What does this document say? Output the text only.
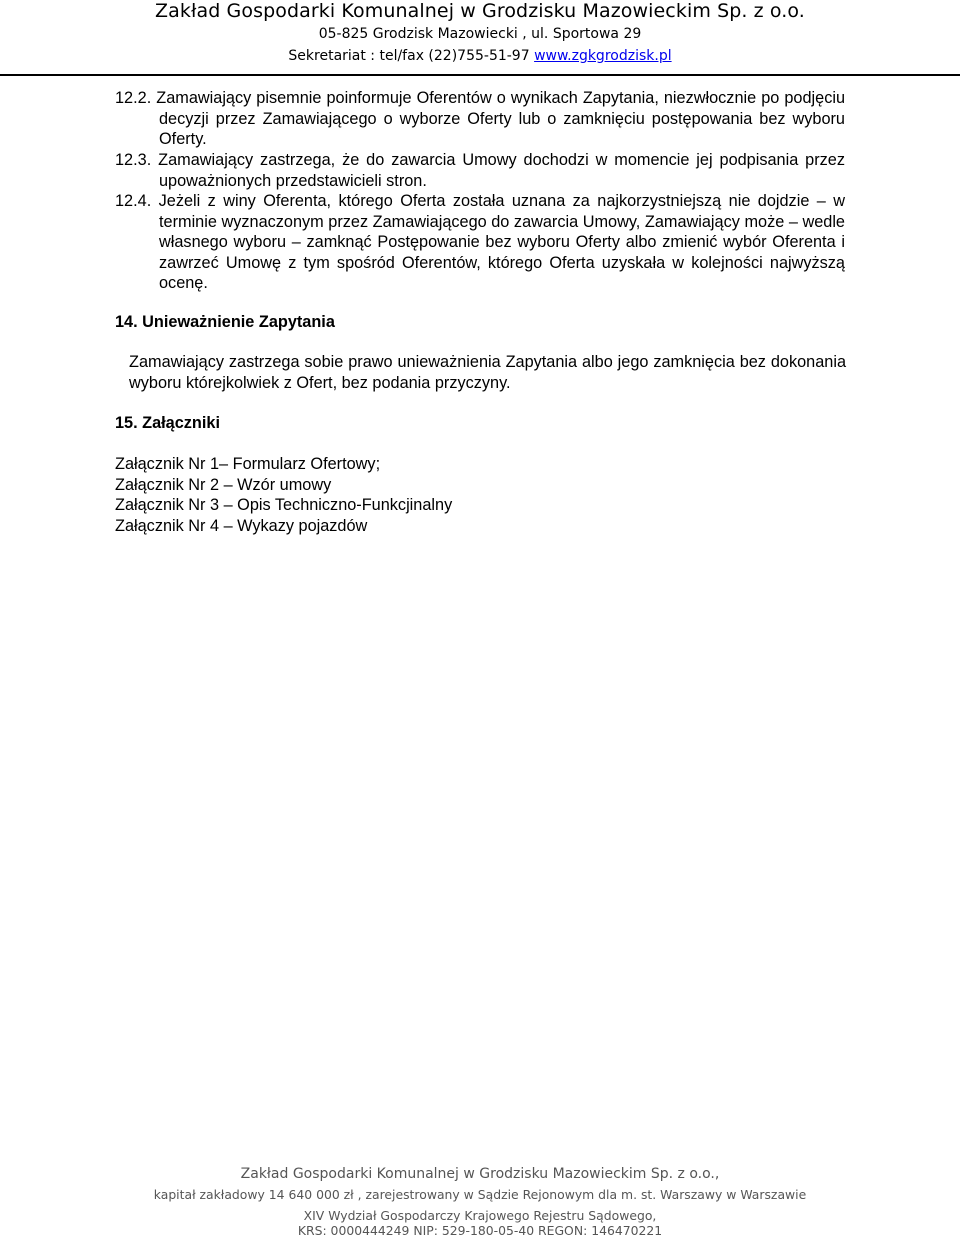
Zakład Gospodarki Komunalnej w Grodzisku Mazowieckim Sp. z o.o.
05-825 Grodzisk Mazowiecki , ul. Sportowa 29
Sekretariat : tel/fax (22)755-51-97 www.zgkgrodzisk.pl
12.2. Zamawiający pisemnie poinformuje Oferentów o wynikach Zapytania, niezwłocznie po podjęciu decyzji przez Zamawiającego o wyborze Oferty lub o zamknięciu postępowania bez wyboru Oferty.
12.3. Zamawiający zastrzega, że do zawarcia Umowy dochodzi w momencie jej podpisania przez upoważnionych przedstawicieli stron.
12.4. Jeżeli z winy Oferenta, którego Oferta została uznana za najkorzystniejszą nie dojdzie – w terminie wyznaczonym przez Zamawiającego do zawarcia Umowy, Zamawiający może – wedle własnego wyboru – zamknąć Postępowanie bez wyboru Oferty albo zmienić wybór Oferenta i zawrzeć Umowę z tym spośród Oferentów, którego Oferta uzyskała w kolejności najwyższą ocenę.
14. Unieważnienie Zapytania
Zamawiający zastrzega sobie prawo unieważnienia Zapytania albo jego zamknięcia bez dokonania wyboru którejkolwiek z Ofert, bez podania przyczyny.
15. Załączniki
Załącznik Nr 1– Formularz Ofertowy;
Załącznik Nr 2 – Wzór umowy
Załącznik Nr 3 – Opis Techniczno-Funkcjinalny
Załącznik Nr 4 – Wykazy pojazdów
Zakład Gospodarki Komunalnej w Grodzisku Mazowieckim Sp. z o.o.,
kapitał zakładowy 14 640 000 zł , zarejestrowany w Sądzie Rejonowym dla m. st. Warszawy w Warszawie
XIV Wydział Gospodarczy Krajowego Rejestru Sądowego,
KRS: 0000444249 NIP: 529-180-05-40 REGON: 146470221
